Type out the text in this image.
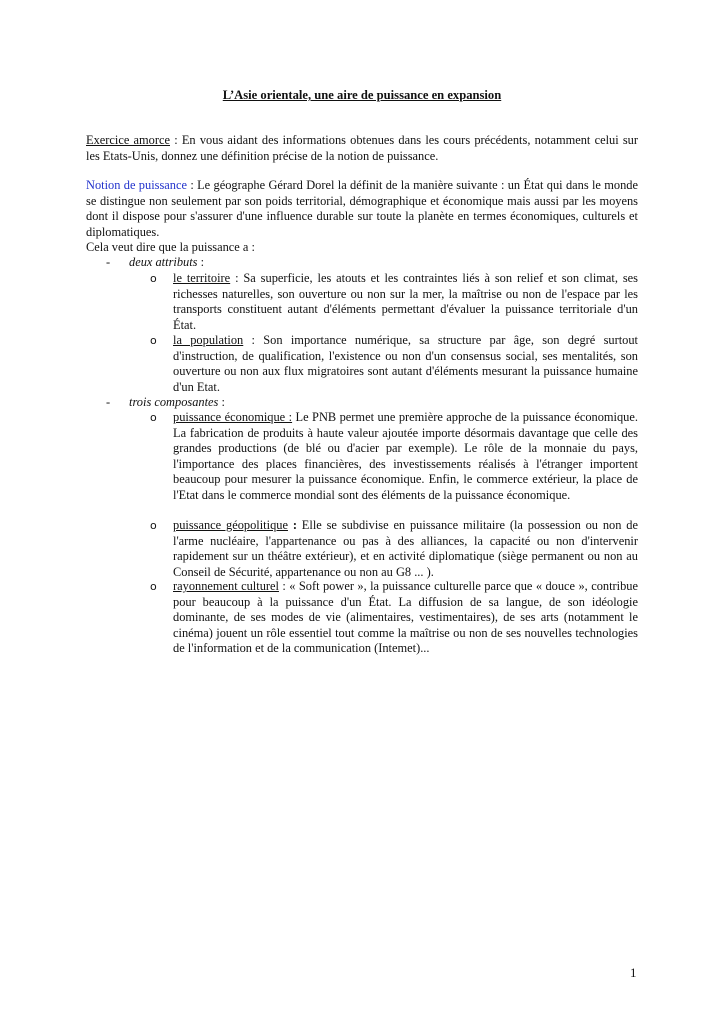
L’Asie orientale, une aire de puissance en expansion
Exercice amorce : En vous aidant des informations obtenues dans les cours précédents, notamment celui sur les Etats-Unis, donnez une définition précise de la notion de puissance.
Notion de puissance : Le géographe Gérard Dorel la définit de la manière suivante : un État qui dans le monde se distingue non seulement par son poids territorial, démographique et économique mais aussi par les moyens dont il dispose pour s'assurer d'une influence durable sur toute la planète en termes économiques, culturels et diplomatiques.
Cela veut dire que la puissance a :
- deux attributs :
o le territoire : Sa superficie, les atouts et les contraintes liés à son relief et son climat, ses richesses naturelles, son ouverture ou non sur la mer, la maîtrise ou non de l'espace par les transports constituent autant d'éléments permettant d'évaluer la puissance territoriale d'un État.
o la population : Son importance numérique, sa structure par âge, son degré surtout d'instruction, de qualification, l'existence ou non d'un consensus social, ses mentalités, son ouverture ou non aux flux migratoires sont autant d'éléments mesurant la puissance humaine d'un Etat.
- trois composantes :
o puissance économique : Le PNB permet une première approche de la puissance économique. La fabrication de produits à haute valeur ajoutée importe désormais davantage que celle des grandes productions (de blé ou d'acier par exemple). Le rôle de la monnaie du pays, l'importance des places financières, des investissements réalisés à l'étranger importent beaucoup pour mesurer la puissance économique. Enfin, le commerce extérieur, la place de l'Etat dans le commerce mondial sont des éléments de la puissance économique.
o puissance géopolitique : Elle se subdivise en puissance militaire (la possession ou non de l'arme nucléaire, l'appartenance ou pas à des alliances, la capacité ou non d'intervenir rapidement sur un théâtre extérieur), et en activité diplomatique (siège permanent ou non au Conseil de Sécurité, appartenance ou non au G8 ... ).
o rayonnement culturel : « Soft power », la puissance culturelle parce que « douce », contribue pour beaucoup à la puissance d'un État. La diffusion de sa langue, de son idéologie dominante, de ses modes de vie (alimentaires, vestimentaires), de ses arts (notamment le cinéma) jouent un rôle essentiel tout comme la maîtrise ou non de ses nouvelles technologies de l'information et de la communication (Intemet)...
1
